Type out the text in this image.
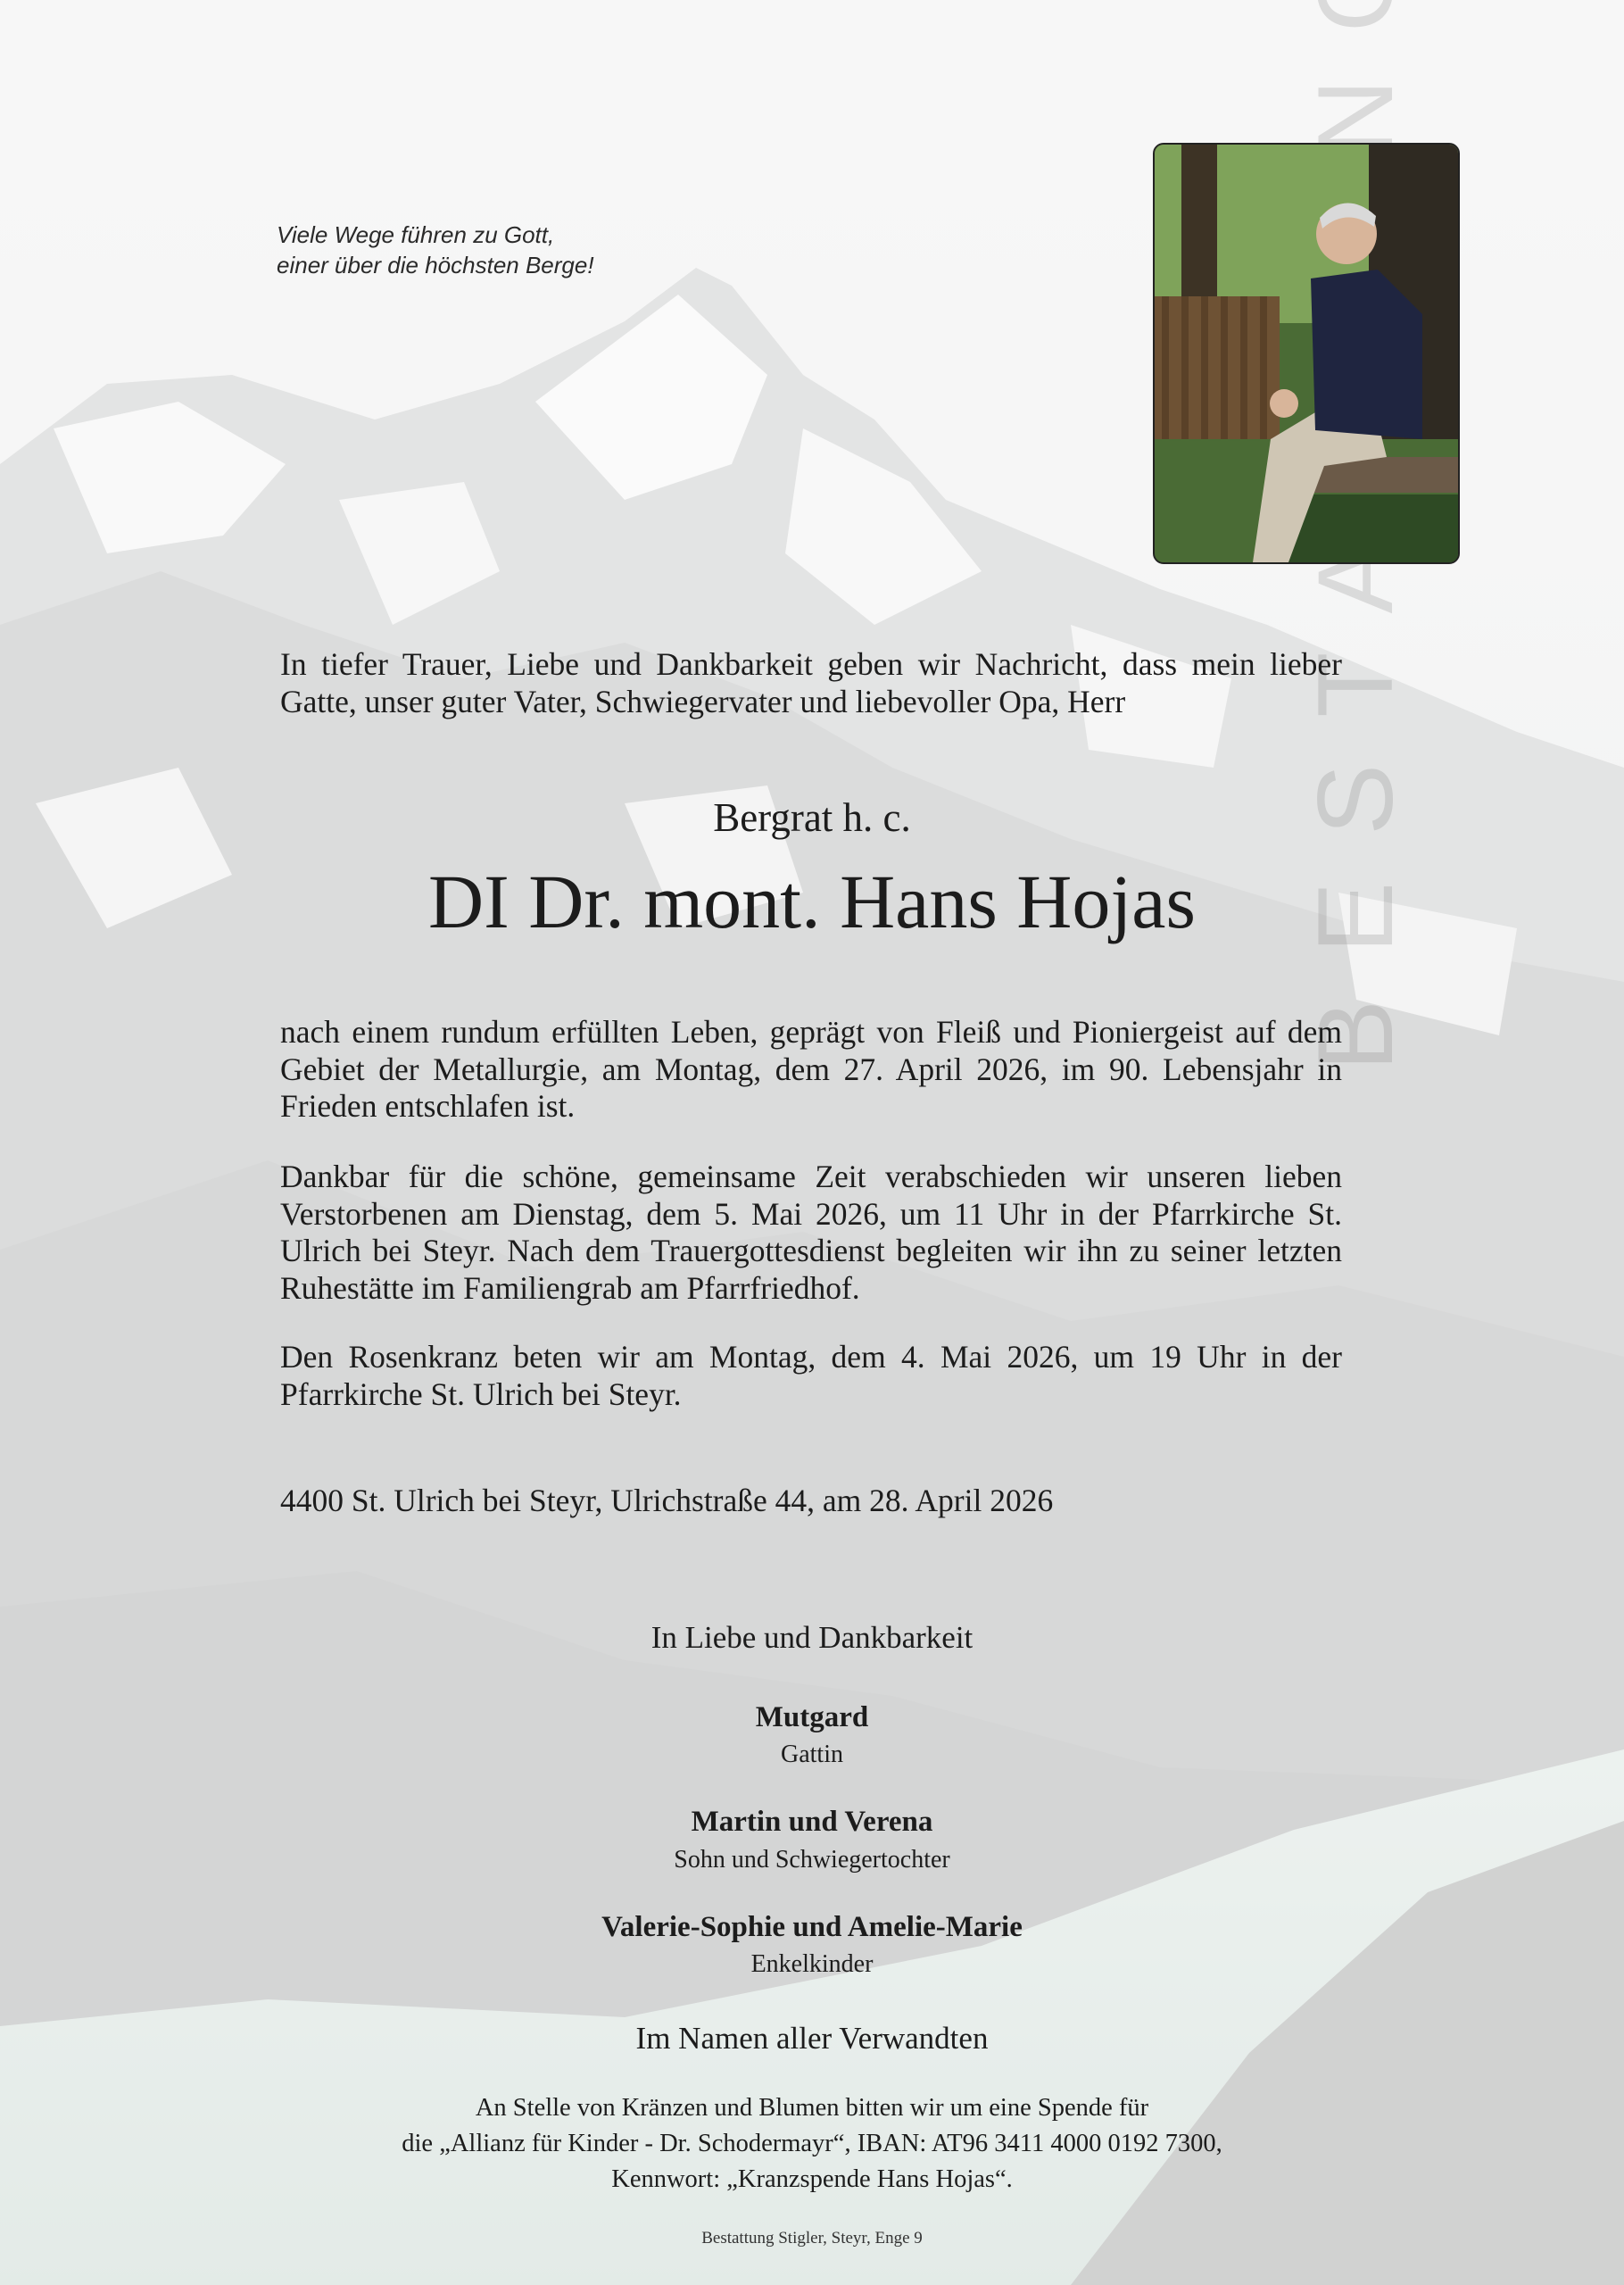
Viele Wege führen zu Gott,
einer über die höchsten Berge!
In tiefer Trauer, Liebe und Dankbarkeit geben wir Nachricht, dass mein lieber Gatte, unser guter Vater, Schwiegervater und liebevoller Opa, Herr
Bergrat h. c.
DI Dr. mont. Hans Hojas
nach einem rundum erfüllten Leben, geprägt von Fleiß und Pioniergeist auf dem Gebiet der Metallurgie, am Montag, dem 27. April 2026, im 90. Lebensjahr in Frieden entschlafen ist.
Dankbar für die schöne, gemeinsame Zeit verabschieden wir unseren lieben Verstorbenen am Dienstag, dem 5. Mai 2026, um 11 Uhr in der Pfarrkirche St. Ulrich bei Steyr. Nach dem Trauergottesdienst begleiten wir ihn zu seiner letzten Ruhestätte im Familiengrab am Pfarrfriedhof.
Den Rosenkranz beten wir am Montag, dem 4. Mai 2026, um 19 Uhr in der Pfarrkirche St. Ulrich bei Steyr.
4400 St. Ulrich bei Steyr, Ulrichstraße 44, am 28. April 2026
In Liebe und Dankbarkeit
Mutgard
Gattin
Martin und Verena
Sohn und Schwiegertochter
Valerie-Sophie und Amelie-Marie
Enkelkinder
Im Namen aller Verwandten
An Stelle von Kränzen und Blumen bitten wir um eine Spende für
die „Allianz für Kinder - Dr. Schodermayr“, IBAN: AT96 3411 4000 0192 7300,
Kennwort: „Kranzspende Hans Hojas“.
Bestattung Stigler, Steyr, Enge 9
